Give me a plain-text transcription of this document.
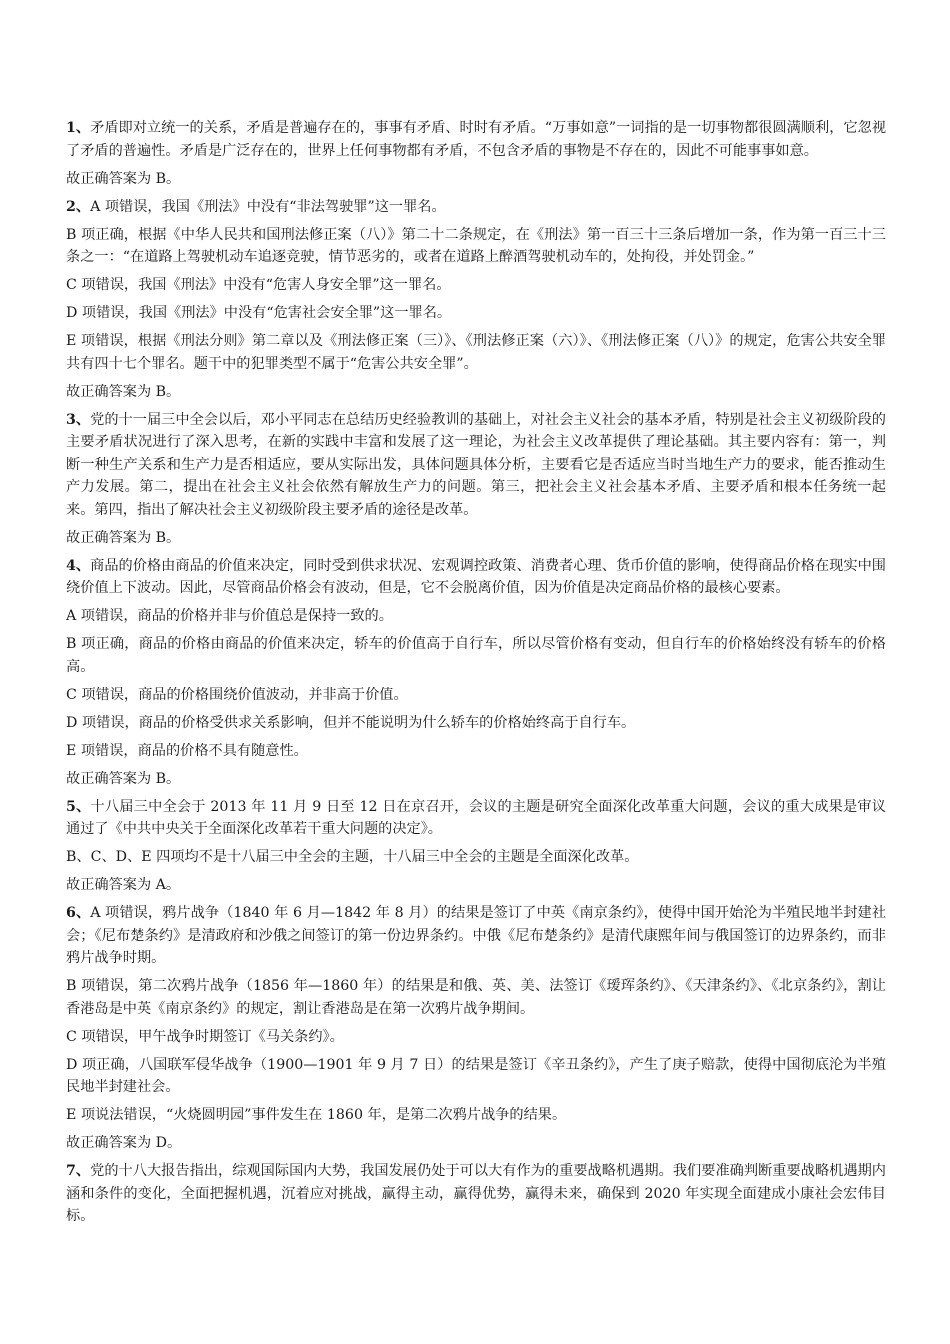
1、矛盾即对立统一的关系，矛盾是普遍存在的，事事有矛盾、时时有矛盾。“万事如意”一词指的是一切事物都很圆满顺利，它忽视了矛盾的普遍性。矛盾是广泛存在的，世界上任何事物都有矛盾，不包含矛盾的事物是不存在的，因此不可能事事如意。

故正确答案为 B。

2、A 项错误，我国《刑法》中没有“非法驾驶罪”这一罪名。

B 项正确，根据《中华人民共和国刑法修正案（八）》第二十二条规定，在《刑法》第一百三十三条后增加一条，作为第一百三十三条之一：“在道路上驾驶机动车追逐竞驶，情节恶劣的，或者在道路上醉酒驾驶机动车的，处拘役，并处罚金。”

C 项错误，我国《刑法》中没有“危害人身安全罪”这一罪名。

D 项错误，我国《刑法》中没有“危害社会安全罪”这一罪名。

E 项错误，根据《刑法分则》第二章以及《刑法修正案（三）》、《刑法修正案（六）》、《刑法修正案（八）》的规定，危害公共安全罪共有四十七个罪名。题干中的犯罪类型不属于“危害公共安全罪”。

故正确答案为 B。

3、党的十一届三中全会以后，邓小平同志在总结历史经验教训的基础上，对社会主义社会的基本矛盾，特别是社会主义初级阶段的主要矛盾状况进行了深入思考，在新的实践中丰富和发展了这一理论，为社会主义改革提供了理论基础。其主要内容有：第一，判断一种生产关系和生产力是否相适应，要从实际出发，具体问题具体分析，主要看它是否适应当时当地生产力的要求，能否推动生产力发展。第二，提出在社会主义社会依然有解放生产力的问题。第三，把社会主义社会基本矛盾、主要矛盾和根本任务统一起来。第四，指出了解决社会主义初级阶段主要矛盾的途径是改革。

故正确答案为 B。

4、商品的价格由商品的价值来决定，同时受到供求状况、宏观调控政策、消费者心理、货币价值的影响，使得商品价格在现实中围绕价值上下波动。因此，尽管商品价格会有波动，但是，它不会脱离价值，因为价值是决定商品价格的最核心要素。

A 项错误，商品的价格并非与价值总是保持一致的。

B 项正确，商品的价格由商品的价值来决定，轿车的价值高于自行车，所以尽管价格有变动，但自行车的价格始终没有轿车的价格高。

C 项错误，商品的价格围绕价值波动，并非高于价值。

D 项错误，商品的价格受供求关系影响，但并不能说明为什么轿车的价格始终高于自行车。

E 项错误，商品的价格不具有随意性。

故正确答案为 B。

5、十八届三中全会于 2013 年 11 月 9 日至 12 日在京召开，会议的主题是研究全面深化改革重大问题，会议的重大成果是审议通过了《中共中央关于全面深化改革若干重大问题的决定》。

B、C、D、E 四项均不是十八届三中全会的主题，十八届三中全会的主题是全面深化改革。

故正确答案为 A。

6、A 项错误，鸦片战争（1840 年 6 月—1842 年 8 月）的结果是签订了中英《南京条约》，使得中国开始沦为半殖民地半封建社会；《尼布楚条约》是清政府和沙俄之间签订的第一份边界条约。中俄《尼布楚条约》是清代康熙年间与俄国签订的边界条约，而非鸦片战争时期。

B 项错误，第二次鸦片战争（1856 年—1860 年）的结果是和俄、英、美、法签订《瑷珲条约》、《天津条约》、《北京条约》，割让香港岛是中英《南京条约》的规定，割让香港岛是在第一次鸦片战争期间。

C 项错误，甲午战争时期签订《马关条约》。

D 项正确，八国联军侵华战争（1900—1901 年 9 月 7 日）的结果是签订《辛丑条约》，产生了庚子赔款，使得中国彻底沦为半殖民地半封建社会。

E 项说法错误，“火烧圆明园”事件发生在 1860 年，是第二次鸦片战争的结果。

故正确答案为 D。

7、党的十八大报告指出，综观国际国内大势，我国发展仍处于可以大有作为的重要战略机遇期。我们要准确判断重要战略机遇期内涵和条件的变化，全面把握机遇，沉着应对挑战，赢得主动，赢得优势，赢得未来，确保到 2020 年实现全面建成小康社会宏伟目标。
